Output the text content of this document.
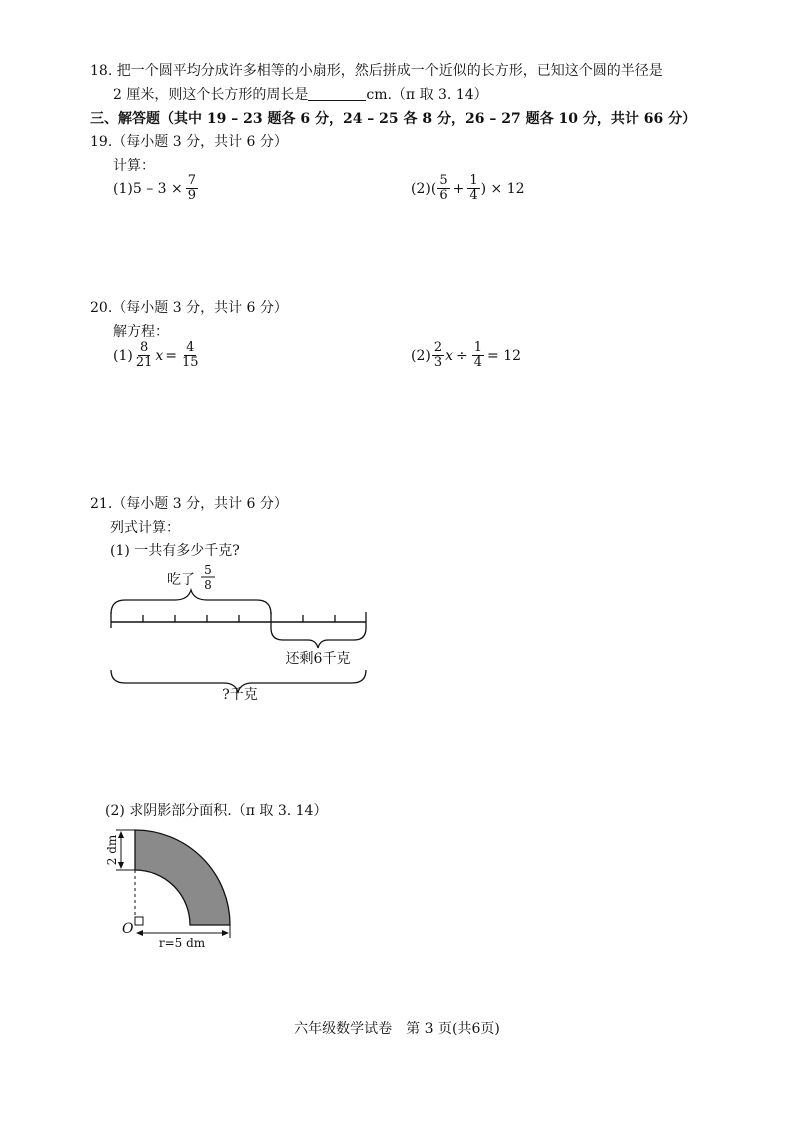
18. 把一个圆平均分成许多相等的小扇形，然后拼成一个近似的长方形，已知这个圆的半径是
2 厘米，则这个长方形的周长是	cm.（π 取 3. 14）
三、解答题（其中 19 – 23 题各 6 分，24 – 25 各 8 分，26 – 27 题各 10 分，共计 66 分）
19.（每小题 3 分，共计 6 分）
计算：
(1) $5 - 3 \times \frac{7}{9}$	(2) ( $\frac{5}{6} + \frac{1}{4}$ ) × 12
20.（每小题 3 分，共计 6 分）
解方程：
$(1) \frac{8}{21}$ $x = \frac{4}{15}$	$(2) \frac{2}{3}$ $x \div \frac{1}{4} = 12$
21.（每小题 3 分，共计 6 分）
列式计算：
(1) 一共有多少千克?
吃了
5
8
还剩6千克
?千克
(2) 求阴影部分面积.（π 取 3. 14）
2 dm
O
r=5 dm
六年级数学试卷　第 3 页(共6页)
